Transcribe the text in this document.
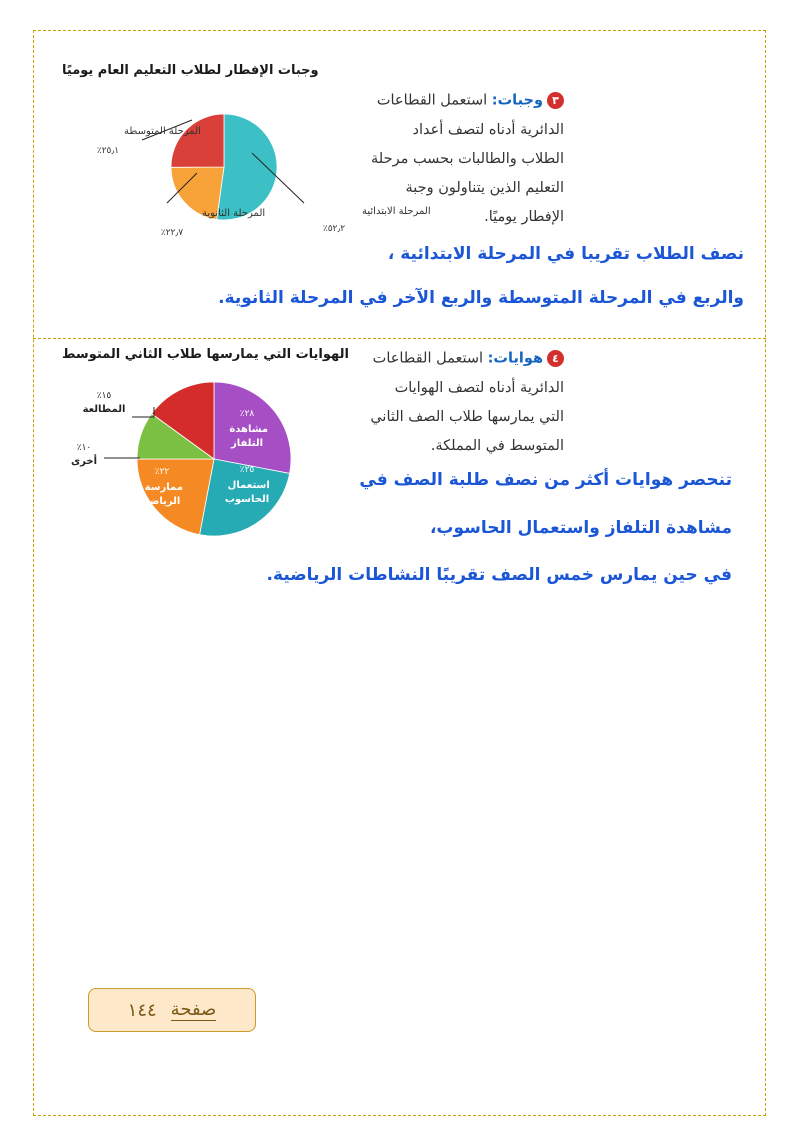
وجبات الإفطار لطلاب التعليم العام يوميًا
المرحلة الابتدائية
٥٢٫٢٪
المرحلة الثانوية
٢٢٫٧٪
المرحلة المتوسطة
٢٥٫١٪
٣وجبات: استعمل القطاعات
الدائرية أدناه لتصف أعداد
الطلاب والطالبات بحسب مرحلة
التعليم الذين يتناولون وجبة
الإفطار يوميًا.
نصف الطلاب تقريبا في المرحلة الابتدائية ،
والربع في المرحلة المتوسطة والربع الآخر في المرحلة الثانوية.
الهوايات التي يمارسها طلاب الثاني المتوسط
١٥٪
المطالعة
١٠٪
أخرى
٢٨٪
مشاهدة التلفاز
٢٥٪
استعمال الحاسوب
٢٢٪
ممارسة الرياضة
٤هوايات: استعمل القطاعات
الدائرية أدناه لتصف الهوايات
التي يمارسها طلاب الصف الثاني
المتوسط في المملكة.
تنحصر هوايات أكثر من نصف طلبة الصف في
مشاهدة التلفاز واستعمال الحاسوب،
في حين يمارس خمس الصف تقريبًا النشاطات الرياضية.
صفحة
١٤٤
